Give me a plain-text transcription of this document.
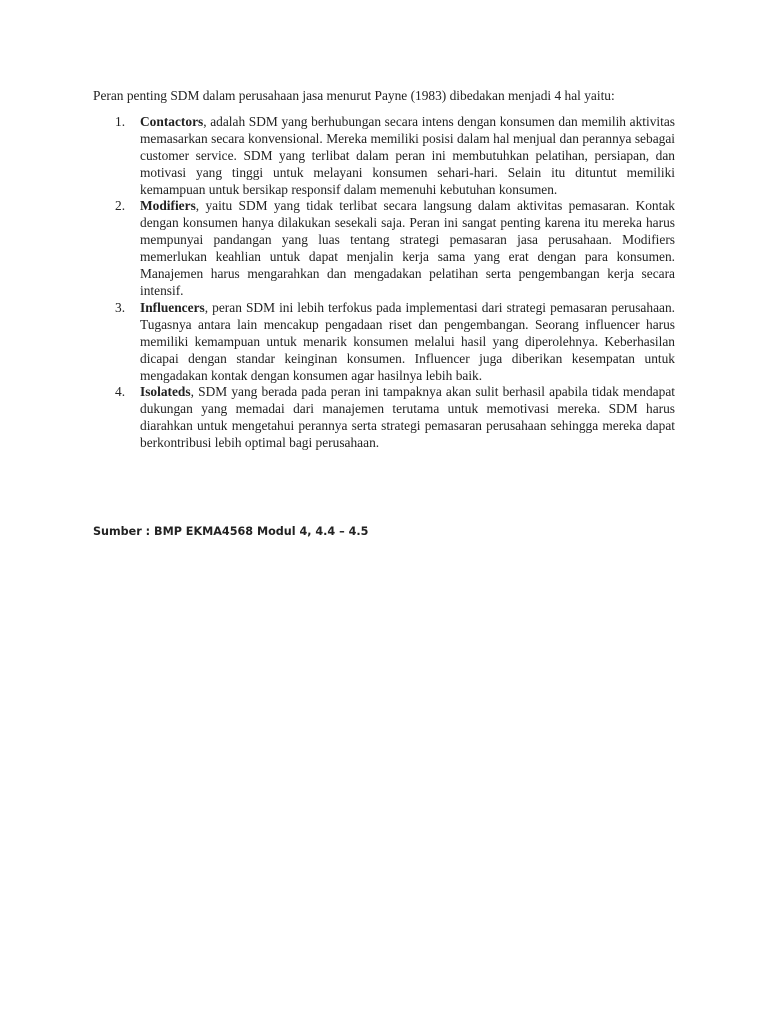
Peran penting SDM dalam perusahaan jasa menurut Payne (1983) dibedakan menjadi 4 hal yaitu:

1. Contactors, adalah SDM yang berhubungan secara intens dengan konsumen dan memilih aktivitas memasarkan secara konvensional. Mereka memiliki posisi dalam hal menjual dan perannya sebagai customer service. SDM yang terlibat dalam peran ini membutuhkan pelatihan, persiapan, dan motivasi yang tinggi untuk melayani konsumen sehari-hari. Selain itu dituntut memiliki kemampuan untuk bersikap responsif dalam memenuhi kebutuhan konsumen.
2. Modifiers, yaitu SDM yang tidak terlibat secara langsung dalam aktivitas pemasaran. Kontak dengan konsumen hanya dilakukan sesekali saja. Peran ini sangat penting karena itu mereka harus mempunyai pandangan yang luas tentang strategi pemasaran jasa perusahaan. Modifiers memerlukan keahlian untuk dapat menjalin kerja sama yang erat dengan para konsumen. Manajemen harus mengarahkan dan mengadakan pelatihan serta pengembangan kerja secara intensif.
3. Influencers, peran SDM ini lebih terfokus pada implementasi dari strategi pemasaran perusahaan. Tugasnya antara lain mencakup pengadaan riset dan pengembangan. Seorang influencer harus memiliki kemampuan untuk menarik konsumen melalui hasil yang diperolehnya. Keberhasilan dicapai dengan standar keinginan konsumen. Influencer juga diberikan kesempatan untuk mengadakan kontak dengan konsumen agar hasilnya lebih baik.
4. Isolateds, SDM yang berada pada peran ini tampaknya akan sulit berhasil apabila tidak mendapat dukungan yang memadai dari manajemen terutama untuk memotivasi mereka. SDM harus diarahkan untuk mengetahui perannya serta strategi pemasaran perusahaan sehingga mereka dapat berkontribusi lebih optimal bagi perusahaan.
Sumber : BMP EKMA4568 Modul 4, 4.4 – 4.5
